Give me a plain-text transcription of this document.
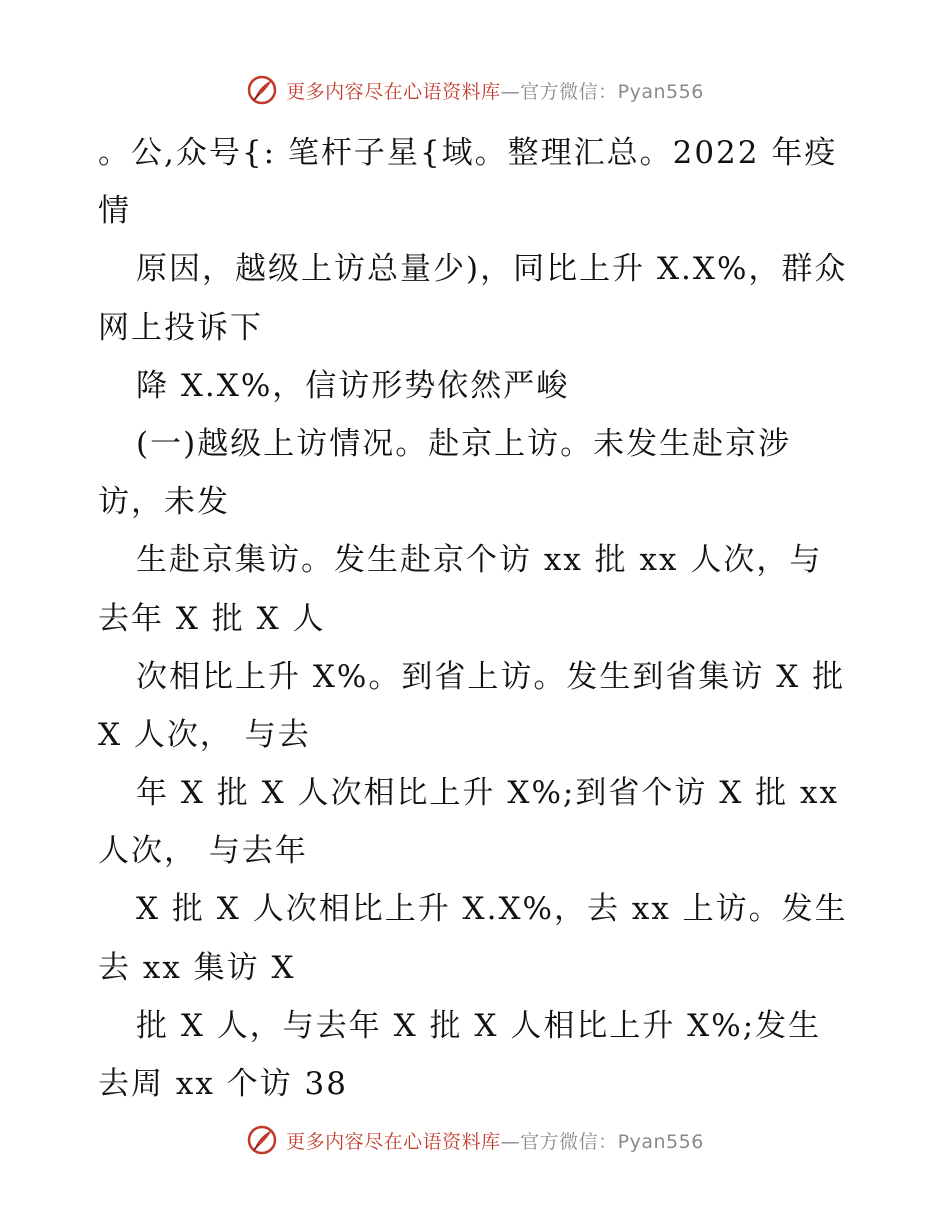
更多内容尽在心语资料库—官方微信：Pyan556
。公,众号{: 笔杆子星{域。整理汇总。2022 年疫
情
原因，越级上访总量少)，同比上升 X.X%，群众
网上投诉下
降 X.X%，信访形势依然严峻
(一)越级上访情况。赴京上访。未发生赴京涉
访，未发
生赴京集访。发生赴京个访 xx 批 xx 人次，与
去年 X 批 X 人
次相比上升 X%。到省上访。发生到省集访 X 批
X 人次， 与去
年 X 批 X 人次相比上升 X%;到省个访 X 批 xx
人次， 与去年
X 批 X 人次相比上升 X.X%，去 xx 上访。发生
去 xx 集访 X
批 X 人，与去年 X 批 X 人相比上升 X%;发生
去周 xx 个访 38
更多内容尽在心语资料库—官方微信：Pyan556
